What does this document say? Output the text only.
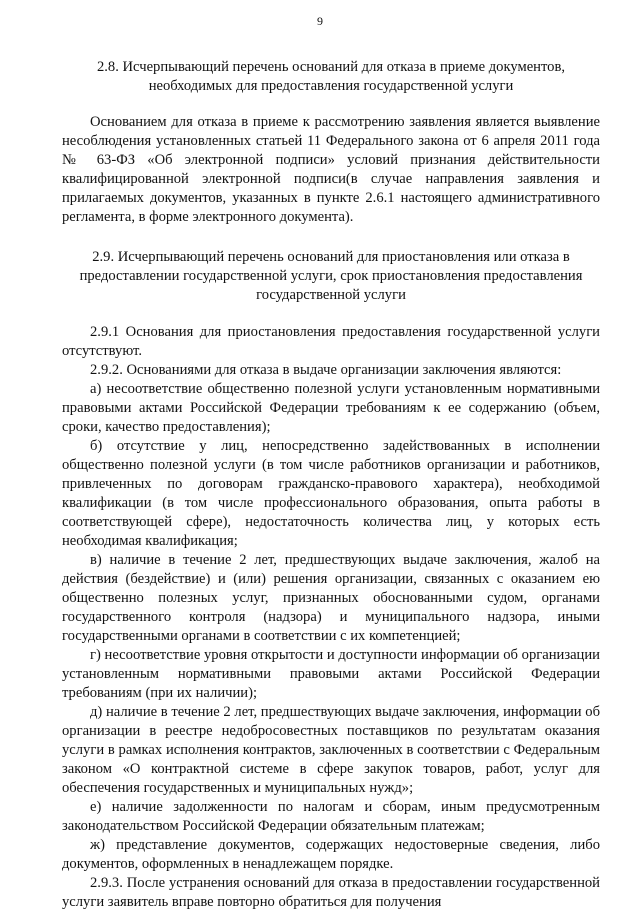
9
2.8. Исчерпывающий перечень оснований для отказа в приеме документов, необходимых для предоставления государственной услуги

Основанием для отказа в приеме к рассмотрению заявления является выявление несоблюдения установленных статьей 11 Федерального закона от 6 апреля 2011 года № 63-ФЗ «Об электронной подписи» условий признания действительности квалифицированной электронной подписи(в случае направления заявления и прилагаемых документов, указанных в пункте 2.6.1 настоящего административного регламента, в форме электронного документа).

2.9. Исчерпывающий перечень оснований для приостановления или отказа в предоставлении государственной услуги, срок приостановления предоставления государственной услуги

2.9.1 Основания для приостановления предоставления государственной услуги отсутствуют.

2.9.2. Основаниями для отказа в выдаче организации заключения являются:

а) несоответствие общественно полезной услуги установленным нормативными правовыми актами Российской Федерации требованиям к ее содержанию (объем, сроки, качество предоставления);

б) отсутствие у лиц, непосредственно задействованных в исполнении общественно полезной услуги (в том числе работников организации и работников, привлеченных по договорам гражданско-правового характера), необходимой квалификации (в том числе профессионального образования, опыта работы в соответствующей сфере), недостаточность количества лиц, у которых есть необходимая квалификация;

в) наличие в течение 2 лет, предшествующих выдаче заключения, жалоб на действия (бездействие) и (или) решения организации, связанных с оказанием ею общественно полезных услуг, признанных обоснованными судом, органами государственного контроля (надзора) и муниципального надзора, иными государственными органами в соответствии с их компетенцией;

г) несоответствие уровня открытости и доступности информации об организации установленным нормативными правовыми актами Российской Федерации требованиям (при их наличии);

д) наличие в течение 2 лет, предшествующих выдаче заключения, информации об организации в реестре недобросовестных поставщиков по результатам оказания услуги в рамках исполнения контрактов, заключенных в соответствии с Федеральным законом «О контрактной системе в сфере закупок товаров, работ, услуг для обеспечения государственных и муниципальных нужд»;

е) наличие задолженности по налогам и сборам, иным предусмотренным законодательством Российской Федерации обязательным платежам;

ж) представление документов, содержащих недостоверные сведения, либо документов, оформленных в ненадлежащем порядке.

2.9.3. После устранения оснований для отказа в предоставлении государственной услуги заявитель вправе повторно обратиться для получения
